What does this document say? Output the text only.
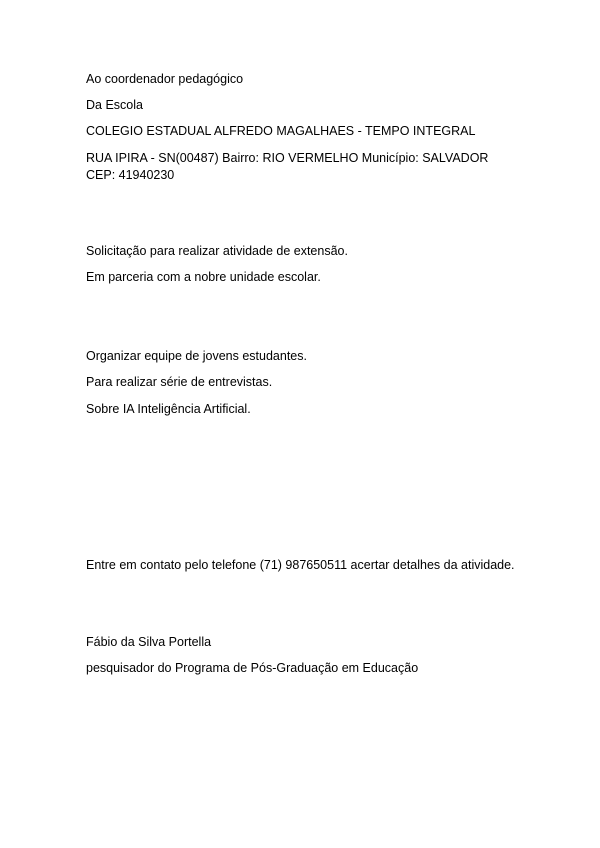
Ao coordenador pedagógico
Da Escola
COLEGIO ESTADUAL ALFREDO MAGALHAES - TEMPO INTEGRAL
RUA IPIRA - SN(00487) Bairro: RIO VERMELHO Município: SALVADOR CEP: 41940230
Solicitação para realizar atividade de extensão.
Em parceria com a nobre unidade escolar.
Organizar equipe de jovens estudantes.
Para realizar série de entrevistas.
Sobre IA Inteligência Artificial.
Entre em contato pelo telefone (71) 987650511 acertar detalhes da atividade.
Fábio da Silva Portella
pesquisador do Programa de Pós-Graduação em Educação
